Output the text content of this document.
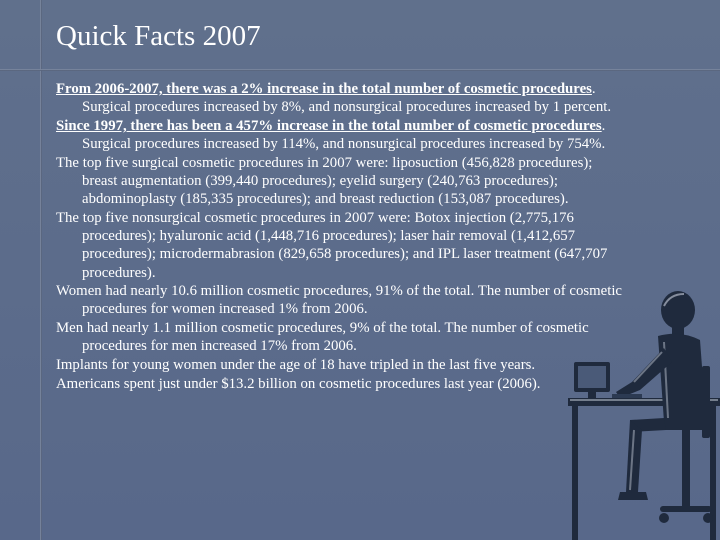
Quick Facts 2007
From 2006-2007, there was a 2% increase in the total number of cosmetic procedures. Surgical procedures increased by 8%, and nonsurgical procedures increased by 1 percent.
Since 1997, there has been a 457% increase in the total number of cosmetic procedures. Surgical procedures increased by 114%, and nonsurgical procedures increased by 754%.
The top five surgical cosmetic procedures in 2007 were: liposuction (456,828 procedures); breast augmentation (399,440 procedures); eyelid surgery (240,763 procedures); abdominoplasty (185,335 procedures); and breast reduction (153,087 procedures).
The top five nonsurgical cosmetic procedures in 2007 were: Botox injection (2,775,176 procedures); hyaluronic acid (1,448,716 procedures); laser hair removal (1,412,657 procedures); microdermabrasion (829,658 procedures); and IPL laser treatment (647,707 procedures).
Women had nearly 10.6 million cosmetic procedures, 91% of the total. The number of cosmetic procedures for women increased 1% from 2006.
Men had nearly 1.1 million cosmetic procedures, 9% of the total. The number of cosmetic procedures for men increased 17% from 2006.
Implants for young women under the age of 18 have tripled in the last five years.
Americans spent just under $13.2 billion on cosmetic procedures last year (2006).
